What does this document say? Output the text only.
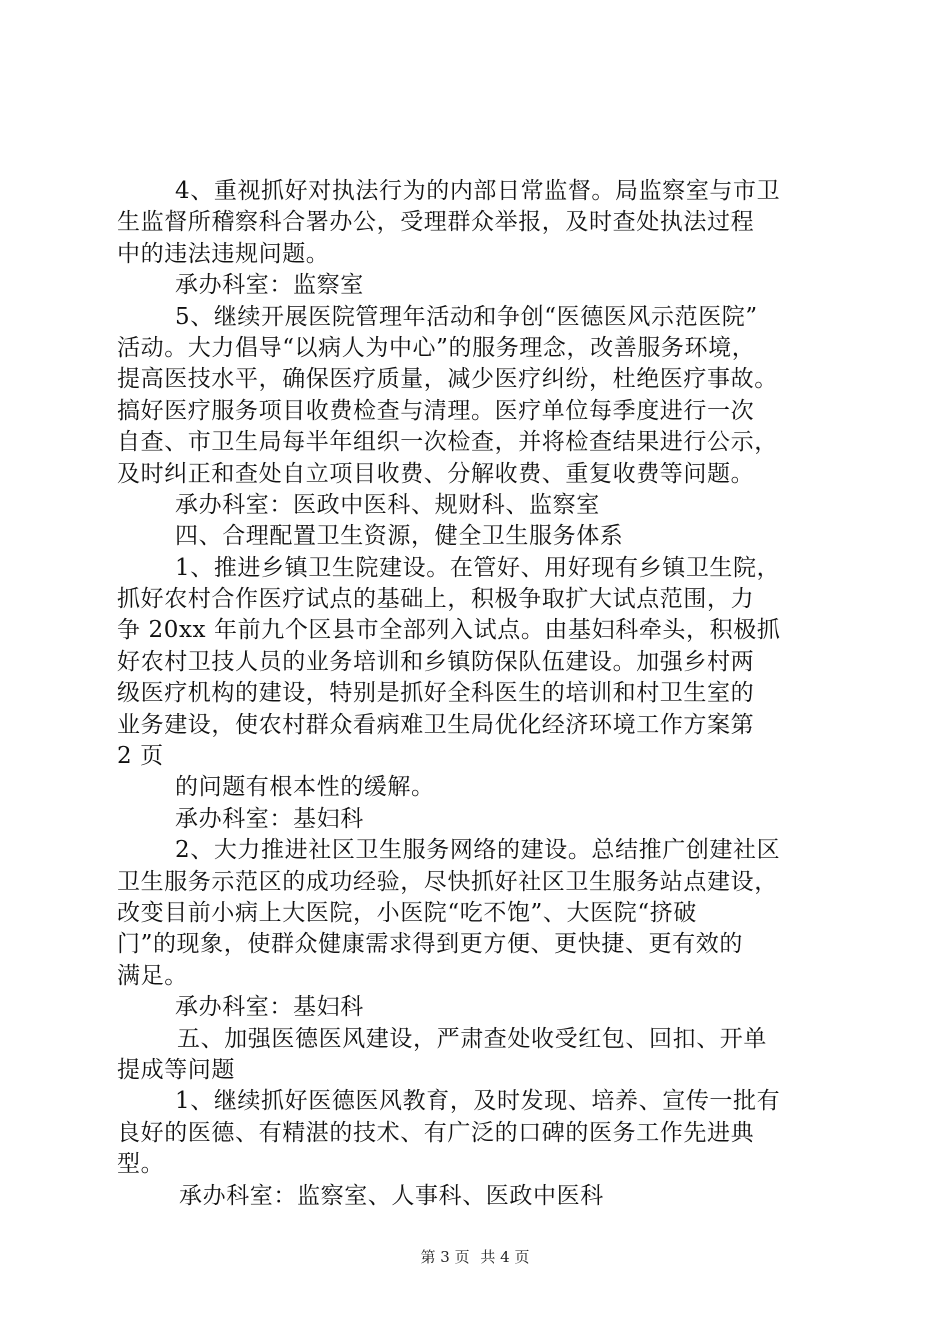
4、重视抓好对执法行为的内部日常监督。局监察室与市卫
生监督所稽察科合署办公，受理群众举报，及时查处执法过程
中的违法违规问题。
承办科室：监察室
5、继续开展医院管理年活动和争创“医德医风示范医院”
活动。大力倡导“以病人为中心”的服务理念，改善服务环境，
提高医技水平，确保医疗质量，减少医疗纠纷，杜绝医疗事故。
搞好医疗服务项目收费检查与清理。医疗单位每季度进行一次
自查、市卫生局每半年组织一次检查，并将检查结果进行公示，
及时纠正和查处自立项目收费、分解收费、重复收费等问题。
承办科室：医政中医科、规财科、监察室
四、合理配置卫生资源，健全卫生服务体系
1、推进乡镇卫生院建设。在管好、用好现有乡镇卫生院，
抓好农村合作医疗试点的基础上，积极争取扩大试点范围，力
争 20xx 年前九个区县市全部列入试点。由基妇科牵头，积极抓
好农村卫技人员的业务培训和乡镇防保队伍建设。加强乡村两
级医疗机构的建设，特别是抓好全科医生的培训和村卫生室的
业务建设，使农村群众看病难卫生局优化经济环境工作方案第
2 页
的问题有根本性的缓解。
承办科室：基妇科
2、大力推进社区卫生服务网络的建设。总结推广创建社区
卫生服务示范区的成功经验，尽快抓好社区卫生服务站点建设，
改变目前小病上大医院，小医院“吃不饱”、大医院“挤破
门”的现象，使群众健康需求得到更方便、更快捷、更有效的
满足。
承办科室：基妇科
五、加强医德医风建设，严肃查处收受红包、回扣、开单
提成等问题
1、继续抓好医德医风教育，及时发现、培养、宣传一批有
良好的医德、有精湛的技术、有广泛的口碑的医务工作先进典
型。
承办科室：监察室、人事科、医政中医科
第 3 页 共 4 页
